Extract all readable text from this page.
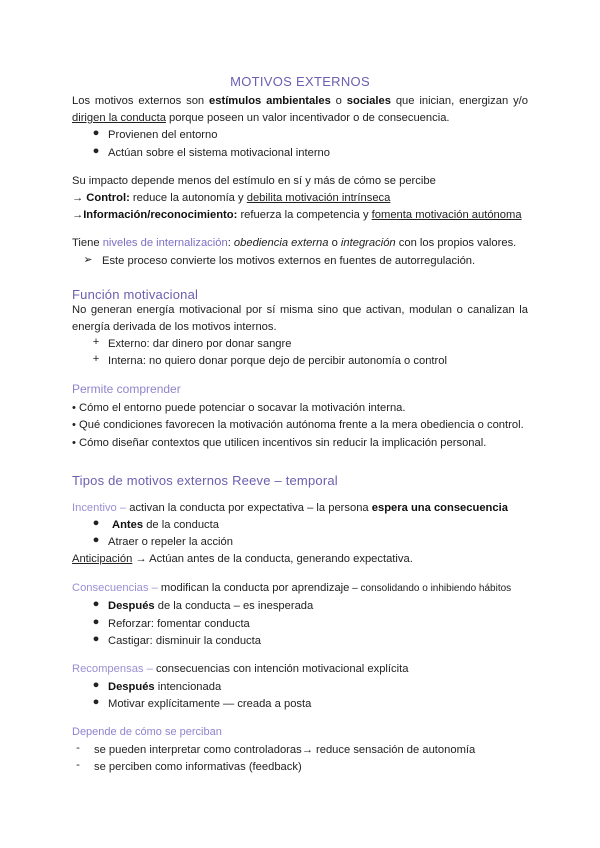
MOTIVOS EXTERNOS
Los motivos externos son estímulos ambientales o sociales que inician, energizan y/o dirigen la conducta porque poseen un valor incentivador o de consecuencia.
● Provienen del entorno
● Actúan sobre el sistema motivacional interno
Su impacto depende menos del estímulo en sí y más de cómo se percibe
→ Control: reduce la autonomía y debilita motivación intrínseca
→Información/reconocimiento: refuerza la competencia y fomenta motivación autónoma
Tiene niveles de internalización: obediencia externa o integración con los propios valores.
➢ Este proceso convierte los motivos externos en fuentes de autorregulación.
Función motivacional
No generan energía motivacional por sí misma sino que activan, modulan o canalizan la energía derivada de los motivos internos.
+ Externo: dar dinero por donar sangre
+ Interna: no quiero donar porque dejo de percibir autonomía o control
Permite comprender
• Cómo el entorno puede potenciar o socavar la motivación interna.
• Qué condiciones favorecen la motivación autónoma frente a la mera obediencia o control.
• Cómo diseñar contextos que utilicen incentivos sin reducir la implicación personal.
Tipos de motivos externos Reeve – temporal
Incentivo – activan la conducta por expectativa – la persona espera una consecuencia
● Antes de la conducta
● Atraer o repeler la acción
Anticipación → Actúan antes de la conducta, generando expectativa.
Consecuencias – modifican la conducta por aprendizaje – consolidando o inhibiendo hábitos
● Después de la conducta – es inesperada
● Reforzar: fomentar conducta
● Castigar: disminuir la conducta
Recompensas – consecuencias con intención motivacional explícita
● Después intencionada
● Motivar explícitamente — creada a posta
Depende de cómo se perciban
-	se pueden interpretar como controladoras→ reduce sensación de autonomía
-	se perciben como informativas (feedback)
